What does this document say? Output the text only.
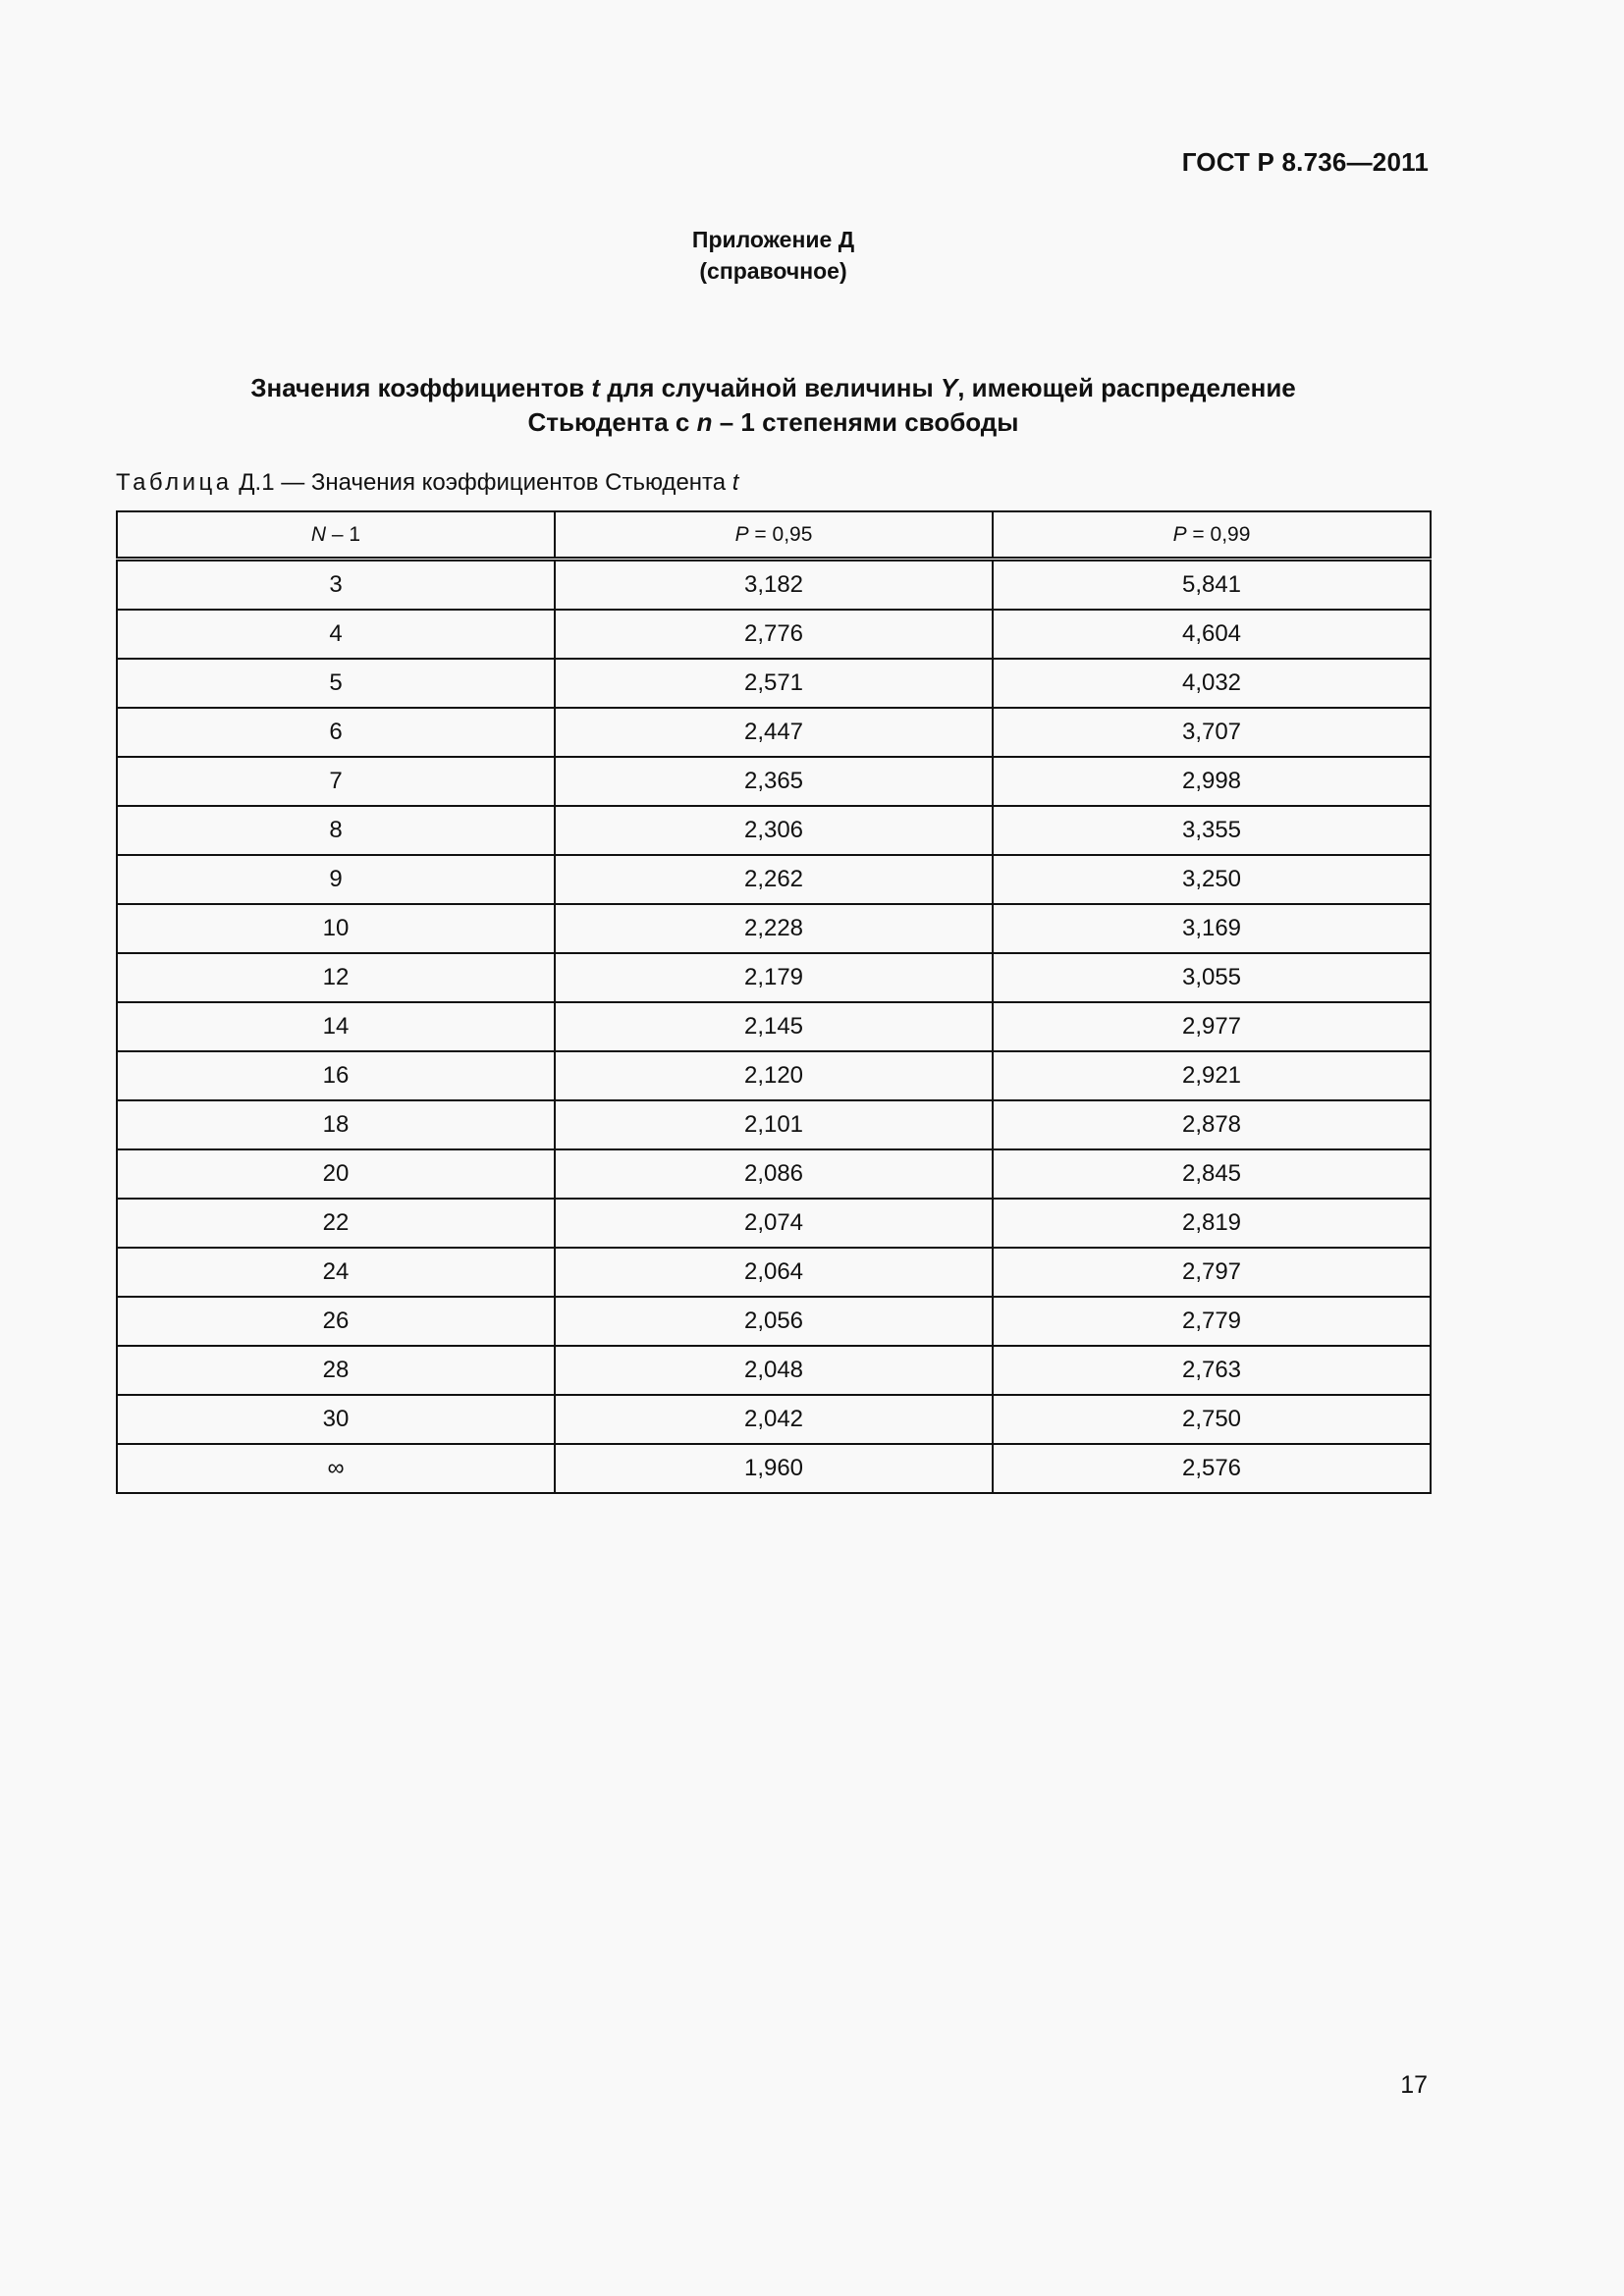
ГОСТ Р 8.736—2011
Приложение Д
(справочное)
Значения коэффициентов t для случайной величины Y, имеющей распределение
Стьюдента с n – 1 степенями свободы
Таблица Д.1 — Значения коэффициентов Стьюдента t
N – 1	P = 0,95	P = 0,99
3	3,182	5,841
4	2,776	4,604
5	2,571	4,032
6	2,447	3,707
7	2,365	2,998
8	2,306	3,355
9	2,262	3,250
10	2,228	3,169
12	2,179	3,055
14	2,145	2,977
16	2,120	2,921
18	2,101	2,878
20	2,086	2,845
22	2,074	2,819
24	2,064	2,797
26	2,056	2,779
28	2,048	2,763
30	2,042	2,750
∞	1,960	2,576
17
